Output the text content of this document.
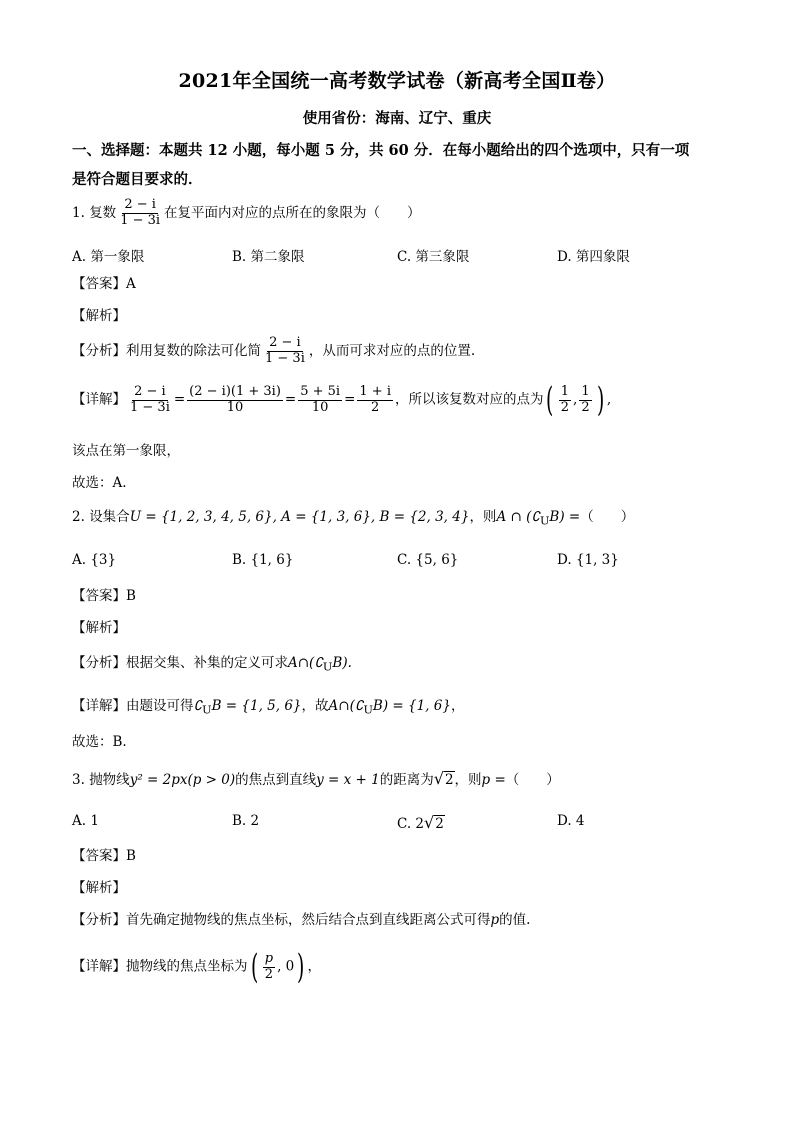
2021年全国统一高考数学试卷（新高考全国Ⅱ卷）
使用省份：海南、辽宁、重庆
一、选择题：本题共 12 小题，每小题 5 分，共 60 分．在每小题给出的四个选项中，只有一项
是符合题目要求的．
1. 复数 $\frac{2 - i}{1 - 3i}$ 在复平面内对应的点所在的象限为（　　）
A. 第一象限	B. 第二象限	C. 第三象限	D. 第四象限
【答案】A
【解析】
【分析】利用复数的除法可化简 $\frac{2 - i}{1 - 3i}$ ，从而可求对应的点的位置.
【详解】 $\frac{2 - i}{1 - 3i} = \frac{(2 - i)(1 + 3i)}{10} = \frac{5 + 5i}{10} = \frac{1 + i}{2}$ ，所以该复数对应的点为( $\frac{1}{2}$ , $\frac{1}{2}$ ) ,
该点在第一象限，
故选：A.
2. 设集合U = {1, 2, 3, 4, 5, 6}, A = {1, 3, 6}, B = {2, 3, 4}，则A ∩ $(∁_UB)$ =（　　）
A. {3}	B. {1, 6}	C. {5, 6}	D. {1, 3}
【答案】B
【解析】
【分析】根据交集、补集的定义可求$A\cap(∁_UB)$.
【详解】由题设可得$∁_UB = \{1$, 5, 6}，故$A\cap(∁_UB) = \{1$, 6}，
故选：B.
3. 抛物线y² = 2px(p > 0)的焦点到直线y = x + 1的距离为√2，则p =（　　）
A. 1	B. 2	C. 2√2	D. 4
【答案】B
【解析】
【分析】首先确定抛物线的焦点坐标，然后结合点到直线距离公式可得p的值.
【详解】抛物线的焦点坐标为( $\frac{p}{2}$ , 0) ，
